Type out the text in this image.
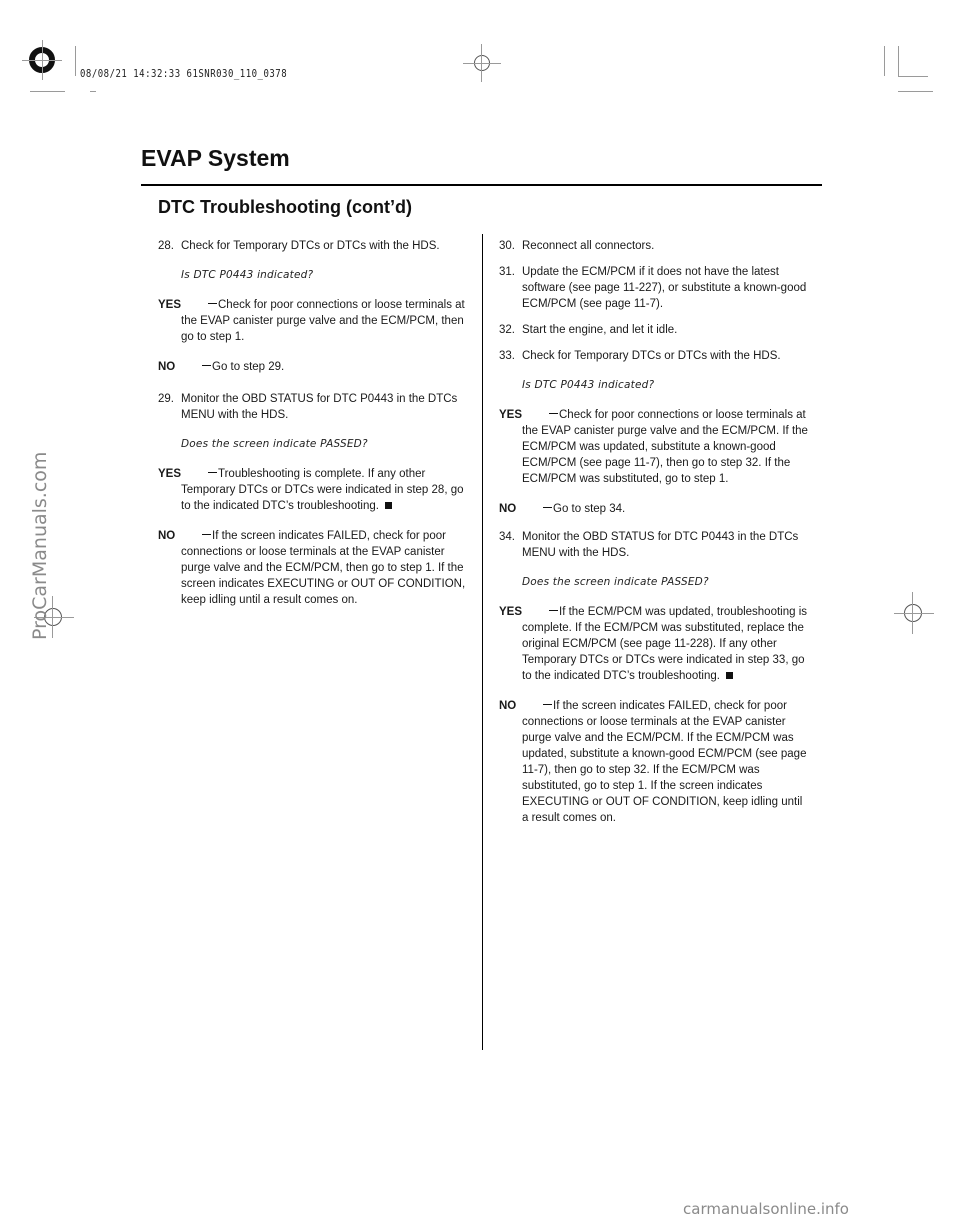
08/08/21 14:32:33 61SNR030_110_0378
EVAP System
DTC Troubleshooting (cont’d)
28. Check for Temporary DTCs or DTCs with the HDS.
Is DTC P0443 indicated?
YES	Check for poor connections or loose terminals at the EVAP canister purge valve and the ECM/PCM, then go to step 1.
NO	Go to step 29.
29. Monitor the OBD STATUS for DTC P0443 in the DTCs MENU with the HDS.
Does the screen indicate PASSED?
YES	Troubleshooting is complete. If any other Temporary DTCs or DTCs were indicated in step 28, go to the indicated DTC’s troubleshooting.
NO	If the screen indicates FAILED, check for poor connections or loose terminals at the EVAP canister purge valve and the ECM/PCM, then go to step 1. If the screen indicates EXECUTING or OUT OF CONDITION, keep idling until a result comes on.
30. Reconnect all connectors.
31. Update the ECM/PCM if it does not have the latest software (see page 11-227), or substitute a known-good ECM/PCM (see page 11-7).
32. Start the engine, and let it idle.
33. Check for Temporary DTCs or DTCs with the HDS.
Is DTC P0443 indicated?
YES	Check for poor connections or loose terminals at the EVAP canister purge valve and the ECM/PCM. If the ECM/PCM was updated, substitute a known-good ECM/PCM (see page 11-7), then go to step 32. If the ECM/PCM was substituted, go to step 1.
NO	Go to step 34.
34. Monitor the OBD STATUS for DTC P0443 in the DTCs MENU with the HDS.
Does the screen indicate PASSED?
YES	If the ECM/PCM was updated, troubleshooting is complete. If the ECM/PCM was substituted, replace the original ECM/PCM (see page 11-228). If any other Temporary DTCs or DTCs were indicated in step 33, go to the indicated DTC’s troubleshooting.
NO	If the screen indicates FAILED, check for poor connections or loose terminals at the EVAP canister purge valve and the ECM/PCM. If the ECM/PCM was updated, substitute a known-good ECM/PCM (see page 11-7), then go to step 32. If the ECM/PCM was substituted, go to step 1. If the screen indicates EXECUTING or OUT OF CONDITION, keep idling until a result comes on.
ProCarManuals.com
carmanualsonline.info
